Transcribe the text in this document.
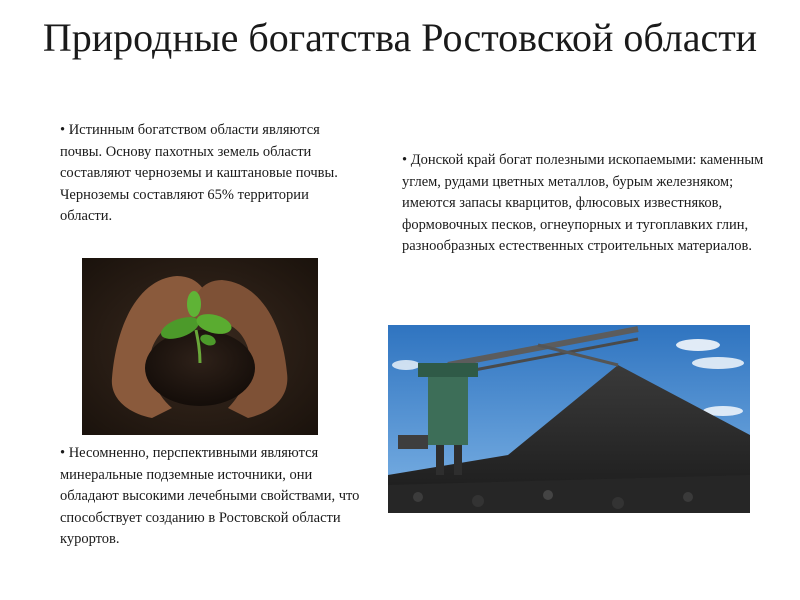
Природные богатства Ростовской области

• Истинным богатством области являются почвы. Основу пахотных земель области составляют черноземы и каштановые почвы. Черноземы составляют 65% территории области.

• Донской край богат полезными ископаемыми: каменным углем, рудами цветных металлов, бурым железняком; имеются запасы кварцитов, флюсовых известняков, формовочных песков, огнеупорных и тугоплавких глин, разнообразных естественных строительных материалов.

• Несомненно, перспективными являются минеральные подземные источники, они обладают высокими лечебными свойствами, что способствует созданию в Ростовской области курортов.
